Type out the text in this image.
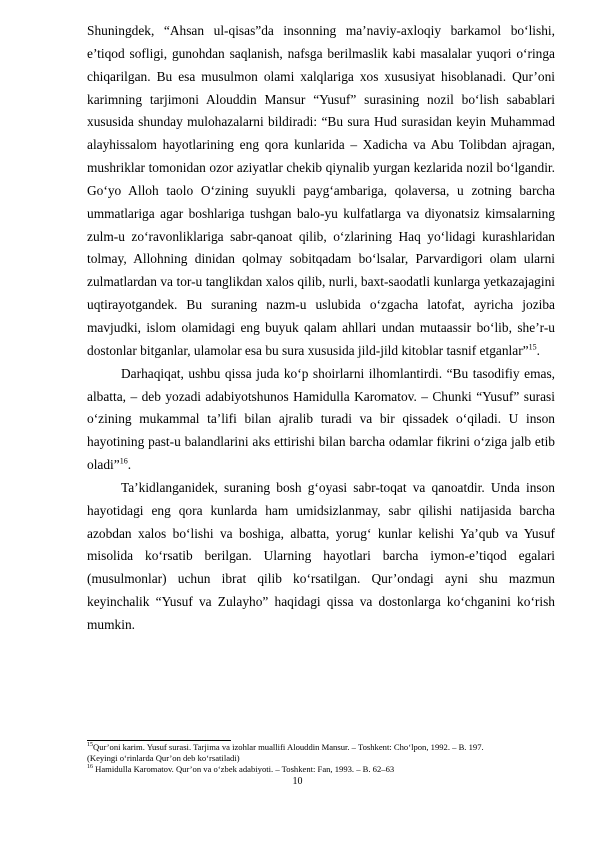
Shuningdek, “Ahsan ul-qisas”da insonning ma’naviy-axloqiy barkamol bo‘lishi, e’tiqod sofligi, gunohdan saqlanish, nafsga berilmaslik kabi masalalar yuqori o‘ringa chiqarilgan. Bu esa musulmon olami xalqlariga xos xususiyat hisoblanadi. Qur’oni karimning tarjimoni Alouddin Mansur “Yusuf” surasining nozil bo‘lish sabablari xususida shunday mulohazalarni bildiradi: “Bu sura Hud surasidan keyin Muhammad alayhissalom hayotlarining eng qora kunlarida – Xadicha va Abu Tolibdan ajragan, mushriklar tomonidan ozor aziyatlar chekib qiynalib yurgan kezlarida nozil bo‘lgandir. Go‘yo Alloh taolo O‘zining suyukli payg‘ambariga, qolaversa, u zotning barcha ummatlariga agar boshlariga tushgan balo-yu kulfatlarga va diyonatsiz kimsalarning zulm-u zo‘ravonliklariga sabr-qanoat qilib, o‘zlarining Haq yo‘lidagi kurashlaridan tolmay, Allohning dinidan qolmay sobitqadam bo‘lsalar, Parvardigori olam ularni zulmatlardan va tor-u tanglikdan xalos qilib, nurli, baxt-saodatli kunlarga yetkazajagini uqtirayotgandek. Bu suraning nazm-u uslubida o‘zgacha latofat, ayricha joziba mavjudki, islom olamidagi eng buyuk qalam ahllari undan mutaassir bo‘lib, she’r-u dostonlar bitganlar, ulamolar esa bu sura xususida jild-jild kitoblar tasnif etganlar”$^{15}$.

Darhaqiqat, ushbu qissa juda ko‘p shoirlarni ilhomlantirdi. “Bu tasodifiy emas, albatta, – deb yozadi adabiyotshunos Hamidulla Karomatov. – Chunki “Yusuf” surasi o‘zining mukammal ta’lifi bilan ajralib turadi va bir qissadek o‘qiladi. U inson hayotining past-u balandlarini aks ettirishi bilan barcha odamlar fikrini o‘ziga jalb etib oladi”$^{16}$.

Ta’kidlanganidek, suraning bosh g‘oyasi sabr-toqat va qanoatdir. Unda inson hayotidagi eng qora kunlarda ham umidsizlanmay, sabr qilishi natijasida barcha azobdan xalos bo‘lishi va boshiga, albatta, yorug‘ kunlar kelishi Ya’qub va Yusuf misolida ko‘rsatib berilgan. Ularning hayotlari barcha iymon-e’tiqod egalari (musulmonlar) uchun ibrat qilib ko‘rsatilgan. Qur’ondagi ayni shu mazmun keyinchalik “Yusuf va Zulayho” haqidagi qissa va dostonlarga ko‘chganini ko‘rish mumkin.

$^{15}$Qur’oni karim. Yusuf surasi. Tarjima va izohlar muallifi Alouddin Mansur. – Toshkent: Cho‘lpon, 1992. – B. 197.

(Keyingi o‘rinlarda Qur’on deb ko‘rsatiladi)

$^{16}$ Hamidulla Karomatov. Qur’on va o‘zbek adabiyoti. – Toshkent: Fan, 1993. – B. 62–63

10
